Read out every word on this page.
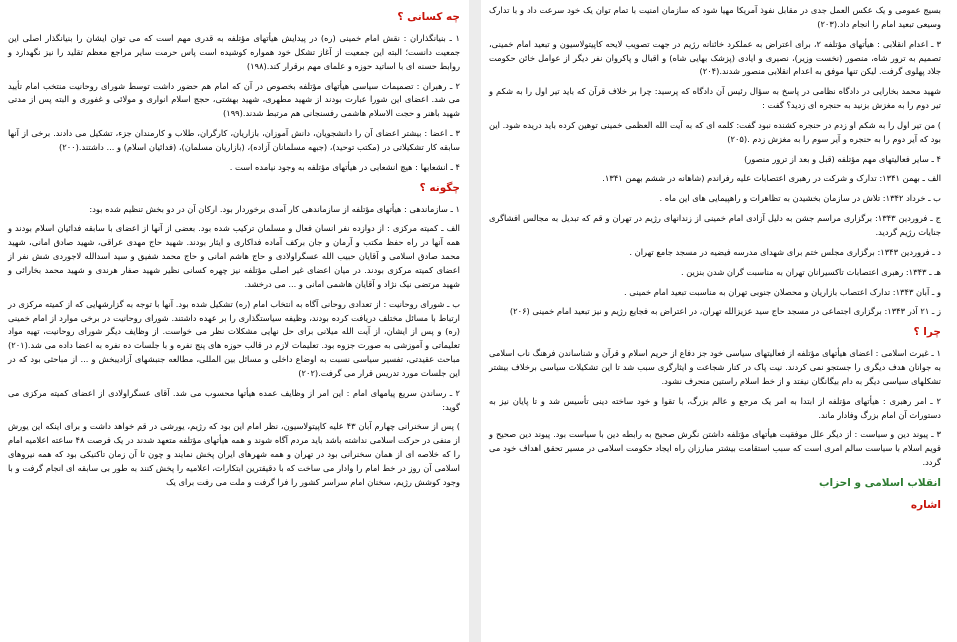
چه کسانی ؟

۱ ـ بنیانگذاران : نقش امام خمینی (ره) در پیدایش هیأتهای مؤتلفه به قدری مهم است که می توان ایشان را بنیانگذار اصلی این جمعیت دانست؛ البته این جمعیت از آغاز تشکل خود همواره کوشیده است پاس حرمت سایر مراجع معظم تقلید را نیز نگهدارد و روابط حسنه ای با اساتید حوزه و علمای مهم برقرار کند.(۱۹۸)

۲ ـ رهبران : تصمیمات سیاسی هیأتهای مؤتلفه بخصوص در آن که امام هم حضور داشت توسط شورای روحانیت منتخب امام تأیید می شد. اعضای این شورا عبارت بودند از شهید مطهری، شهید بهشتی، حجج اسلام انواری و مولائی و غفوری و البته پس از مدتی شهید باهنر و حجت الاسلام هاشمی رفسنجانی هم مرتبط شدند.(۱۹۹)

۳ ـ اعضا : بیشتر اعضای آن را دانشجویان، دانش آموزان، بازاریان، کارگران، طلاب و کارمندان جزء، تشکیل می دادند. برخی از آنها سابقه کار تشکیلاتی در (مکتب توحید)، (جبهه مسلمانان آزاده)، (بازاریان مسلمان)، (فدائیان اسلام) و ... داشتند.(۲۰۰)

۴ ـ انشعابها : هیچ انشعابی در هیأتهای مؤتلفه به وجود نیامده است .

چگونه ؟

۱ ـ سازماندهی : هیأتهای مؤتلفه از سازماندهی کار آمدی برخوردار بود. ارکان آن در دو بخش تنظیم شده بود:

الف ـ کمیته مرکزی : از دوازده نفر انسان فعال و مسلمان ترکیب شده بود. بعضی از آنها از اعضای با سابقه فدائیان اسلام بودند و همه آنها در راه حفظ مکتب و آرمان و جان برکف آماده فداکاری و ایثار بودند. شهید حاج مهدی عراقی، شهید صادق امانی، شهید محمد صادق اسلامی و آقایان حبیب الله عسگراولادی و حاج هاشم امانی و حاج محمد شفیق و سید اسدالله لاجوردی شش نفر از اعضای کمیته مرکزی بودند. در میان اعضای غیر اصلی مؤتلفه نیز چهره کسانی نظیر شهید صفار هرندی و شهید محمد بخارائی و شهید مرتضی نیک نژاد و آقایان هاشمی امانی و ... می درخشد.

ب ـ شورای روحانیت : از تعدادی روحانی آگاه به انتخاب امام (ره) تشکیل شده بود. آنها با توجه به گزارشهایی که از کمیته مرکزی در ارتباط با مسائل مختلف دریافت کرده بودند، وظیفه سیاستگذاری را بر عهده داشتند. شورای روحانیت در برخی موارد از امام خمینی (ره) و پس از ایشان، از آیت الله میلانی برای حل نهایی مشکلات نظر می خواست. از وظایف دیگر شورای روحانیت، تهیه مواد تعلیماتی و آموزشی به صورت جزوه بود. تعلیمات لازم در قالب حوزه های پنج نفره و با جلسات ده نفره به اعضا داده می شد.(۲۰۱) مباحث عقیدتی، تفسیر سیاسی نسبت به اوضاع داخلی و مسائل بین المللی، مطالعه جنبشهای آزادیبخش و ... از مباحثی بود که در این جلسات مورد تدریس قرار می گرفت.(۲۰۲)

۲ ـ رساندن سریع پیامهای امام : این امر از وظایف عمده هیأتها محسوب می شد. آقای عسگراولادی از اعضای کمیته مرکزی می گوید:

) پس از سخنرانی چهارم آبان ۴۳ علیه کاپیتولاسیون، نظر امام این بود که رژیم، یورشی در قم خواهد داشت و برای اینکه این یورش از منفی در حرکت اسلامی نداشته باشد باید مردم آگاه شوند و همه هیأتهای مؤتلفه متعهد شدند در یک فرصت ۴۸ ساعته اعلامیه امام را که خلاصه ای از همان سخنرانی بود در تهران و همه شهرهای ایران پخش نمایند و چون تا آن زمان تاکنیکی بود که همه نیروهای اسلامی آن روز در خط امام را وادار می ساخت که با دقیقترین ابتکارات، اعلامیه را پخش کنند به طور بی سابقه ای انجام گرفت و با وجود کوشش رژیم، سخنان امام سراسر کشور را فرا گرفت و ملت می رفت برای یک

بسیج عمومی و یک عکس العمل جدی در مقابل نفوذ آمریکا مهیا شود که سازمان امنیت با تمام توان یک خود سرعت داد و با تدارک وسیعی تبعید امام را انجام داد.(۲۰۳)

۳ ـ اعدام انقلابی : هیأتهای مؤتلفه ۲، برای اعتراض به عملکرد خائنانه رژیم در جهت تصویب لایحه کاپیتولاسیون و تبعید امام خمینی، تصمیم به ترور شاه، منصور (نخست وزیر)، نصیری و ایادی (پزشک بهایی شاه) و اقبال و پاکروان نفر دیگر از عوامل خائن حکومت جلاد پهلوی گرفت. لیکن تنها موفق به اعدام انقلابی منصور شدند.(۲۰۴)

شهید محمد بخارایی در دادگاه نظامی در پاسخ به سؤال رئیس آن دادگاه که پرسید: چرا بر خلاف قرآن که باید تیر اول را به شکم و تیر دوم را به مغزش بزنید به حنجره ای زدید؟ گفت :

) من تیر اول را به شکم او زدم در حنجره کشنده نبود گفت: کلمه ای که به آیت الله العظمی خمینی توهین کرده باید دریده شود. این بود که آیر دوم را به حنجره و آیر سوم را به مغزش زدم .(۲۰۵)

۴ ـ سایر فعالیتهای مهم مؤتلفه (قبل و بعد از ترور منصور)

الف ـ بهمن ۱۳۴۱: تدارک و شرکت در رهبری اعتصابات علیه رفراندم (شاهانه در ششم بهمن ۱۳۴۱.

ب ـ خرداد ۱۳۴۲: تلاش در سازمان بخشیدن به تظاهرات و راهپیمایی های این ماه .

ج ـ فروردین ۱۳۴۳: برگزاری مراسم جشن به دلیل آزادی امام خمینی از زندانهای رژیم در تهران و قم که تبدیل به مجالس افشاگری جنایات رژیم گردید.

د ـ فروردین ۱۳۴۳: برگزاری مجلس ختم برای شهدای مدرسه فیضیه در مسجد جامع تهران .

هـ ـ ۱۳۴۳: رهبری اعتصابات تاکسیرانان تهران به مناسبت گران شدن بنزین .

و ـ آبان ۱۳۴۳: تدارک اعتصاب بازاریان و محصلان جنوبی تهران به مناسبت تبعید امام خمینی .

ز ـ ۲۱ آذر ۱۳۴۳: برگزاری اجتماعی در مسجد حاج سید عزیزالله تهران، در اعتراض به فجایع رژیم و نیز تبعید امام خمینی (۲۰۶)

چرا ؟

۱ ـ غیرت اسلامی : اعضای هیأتهای مؤتلفه از فعالیتهای سیاسی خود جز دفاع از حریم اسلام و قرآن و شناساندن فرهنگ ناب اسلامی به جوانان هدف دیگری را جستجو نمی کردند. نیت پاک در کنار شجاعت و ایثارگری سبب شد تا این تشکیلات سیاسی برخلاف بیشتر تشکلهای سیاسی دیگر به دام بیگانگان نیفتد و از خط اسلام راستین منحرف نشود.

۲ ـ امر رهبری : هیأتهای مؤتلفه از ابتدا به امر یک مرجع و عالم بزرگ، با تقوا و خود ساخته دینی تأسیس شد و تا پایان نیز به دستورات آن امام بزرگ وفادار ماند.

۳ ـ پیوند دین و سیاست : از دیگر علل موفقیت هیأتهای مؤتلفه داشتن نگرش صحیح به رابطه دین با سیاست بود. پیوند دین صحیح و قویم اسلام با سیاست سالم امری است که سبب استقامت بیشتر مبارزان راه ایجاد حکومت اسلامی در مسیر تحقق اهداف خود می گردد.

انقلاب اسلامی و احزاب
اشاره
